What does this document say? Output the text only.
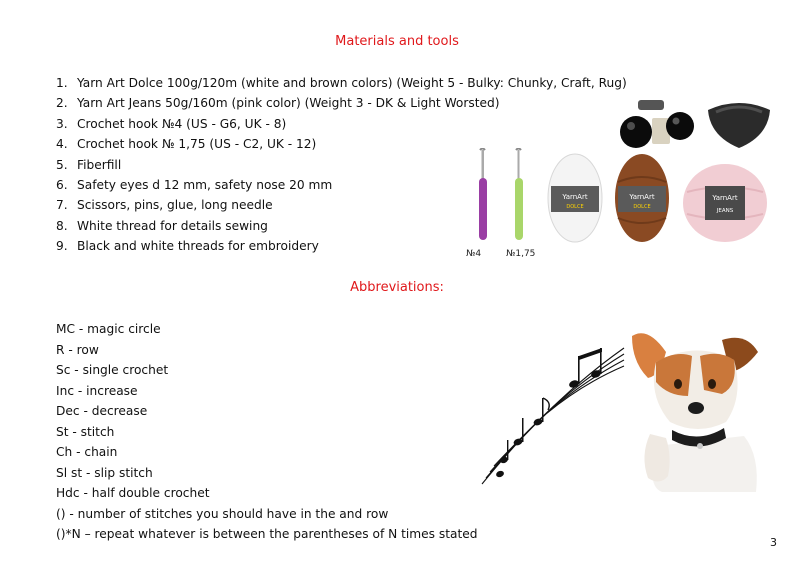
Materials and tools
1. Yarn Art Dolce 100g/120m (white and brown colors) (Weight 5 - Bulky: Chunky, Craft, Rug)
2. Yarn Art Jeans 50g/160m (pink color) (Weight 3 - DK & Light Worsted)
3. Crochet hook №4 (US - G6, UK - 8)
4. Crochet hook № 1,75 (US - C2, UK - 12)
5. Fiberfill
6. Safety eyes d 12 mm, safety nose 20 mm
7. Scissors, pins, glue, long needle
8. White thread for details sewing
9. Black and white threads for embroidery
№4	№1,75
YarnArt
DOLCE
YarnArt
DOLCE
YarnArt
JEANS
Abbreviations:
MC - magic circle
R - row
Sc - single crochet
Inc - increase
Dec - decrease
St - stitch
Ch - chain
Sl st - slip stitch
Hdc - half double crochet
() - number of stitches you should have in the and row
()*N – repeat whatever is between the parentheses of N times stated
3
